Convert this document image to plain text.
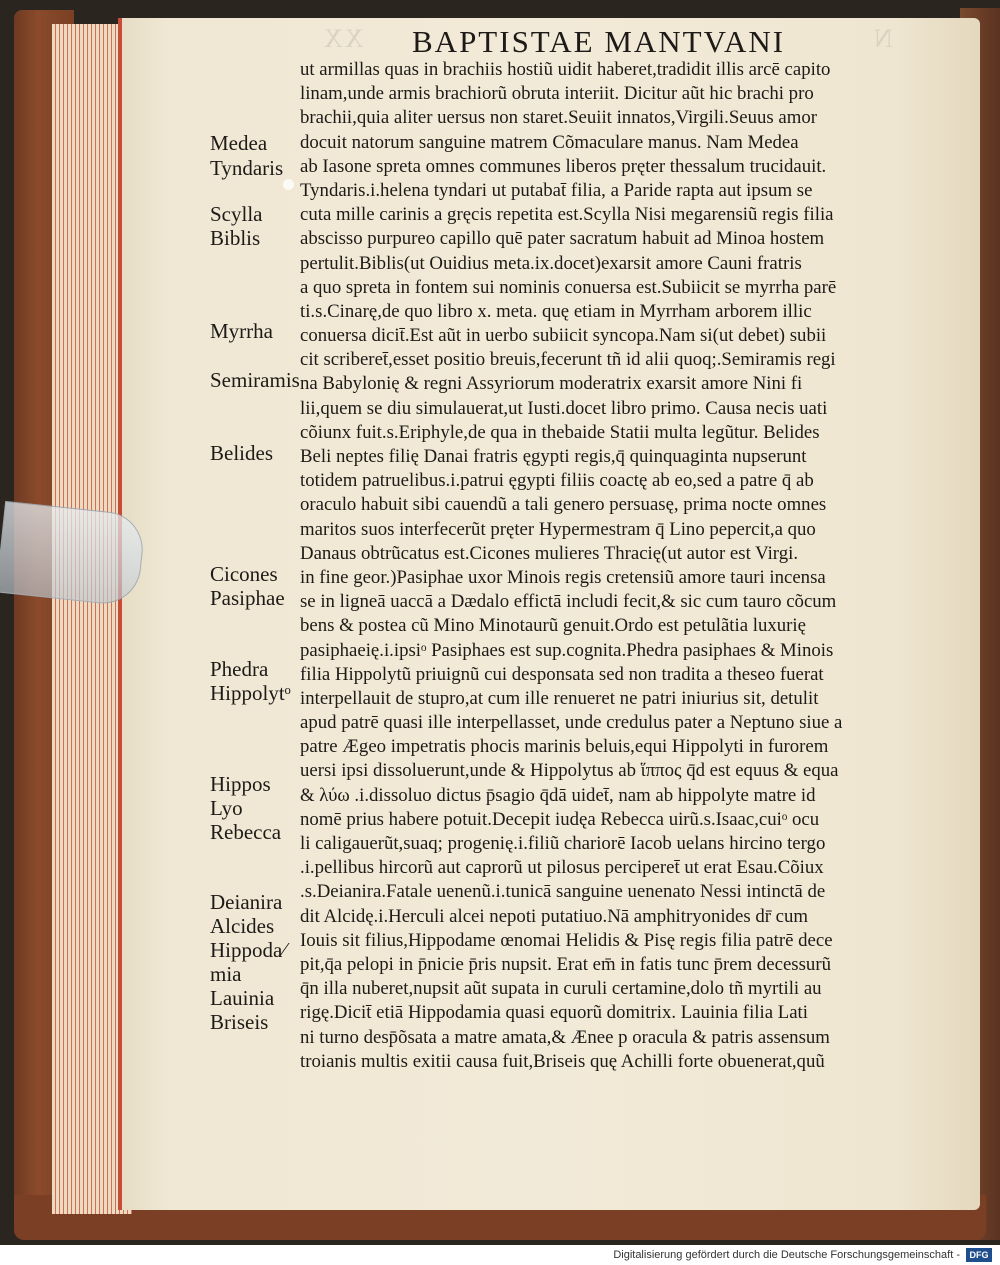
XX	N
BAPTISTAE MANTVANI

Medea

Tyndaris

Scylla

Biblis

Myrrha

Semiramis

Belides

Cicones

Pasiphae

Phedra

Hippolytᵒ

Hippos

Lyo

Rebecca

Deianira

Alcides

Hippoda⁄

mia

Lauinia

Briseis

ut armillas quas in brachiis hostiũ uidit haberet,tradidit illis arcē capito
linam,unde armis brachiorũ obruta interiit. Dicitur aũt hic brachi pro
brachii,quia aliter uersus non staret.Seuiit innatos,Virgili.Seuus amor
docuit natorum sanguine matrem Cõmaculare manus. Nam Medea
ab Iasone spreta omnes communes liberos pręter thessalum trucidauit.
Tyndaris.i.helena tyndari ut putabat̄ filia, a Paride rapta aut ipsum se
cuta mille carinis a gręcis repetita est.Scylla Nisi megarensiũ regis filia
abscisso purpureo capillo quē pater sacratum habuit ad Minoa hostem
pertulit.Biblis(ut Ouidius meta.ix.docet)exarsit amore Cauni fratris
a quo spreta in fontem sui nominis conuersa est.Subiicit se myrrha parē
ti.s.Cinarę,de quo libro x. meta. quę etiam in Myrrham arborem illic
conuersa dicit̄.Est aũt in uerbo subiicit syncopa.Nam si(ut debet) subii
cit scriberet̄,esset positio breuis,fecerunt tñ id alii quoq;.Semiramis regi
na Babylonię & regni Assyriorum moderatrix exarsit amore Nini fi
lii,quem se diu simulauerat,ut Iusti.docet libro primo. Causa necis uati
cõiunx fuit.s.Eriphyle,de qua in thebaide Statii multa legũtur. Belides
Beli neptes filię Danai fratris ęgypti regis,q̄ quinquaginta nupserunt
totidem patruelibus.i.patrui ęgypti filiis coactę ab eo,sed a patre q̄ ab
oraculo habuit sibi cauendũ a tali genero persuasę, prima nocte omnes
maritos suos interfecerũt pręter Hypermestram q̄ Lino pepercit,a quo
Danaus obtrũcatus est.Cicones mulieres Thracię(ut autor est Virgi.
in fine geor.)Pasiphae uxor Minois regis cretensiũ amore tauri incensa
se in ligneā uaccā a Dædalo effictā includi fecit,& sic cum tauro cõcum
bens & postea cũ Mino Minotaurũ genuit.Ordo est petulãtia luxurię
pasiphaeię.i.ipsiᵒ Pasiphaes est sup.cognita.Phedra pasiphaes & Minois
filia Hippolytũ priuignũ cui desponsata sed non tradita a theseo fuerat
interpellauit de stupro,at cum ille renueret ne patri iniurius sit, detulit
apud patrē quasi ille interpellasset, unde credulus pater a Neptuno siue a
patre Ægeo impetratis phocis marinis beluis,equi Hippolyti in furorem
uersi ipsi dissoluerunt,unde & Hippolytus ab ἵππος q̄d est equus & equa
& λύω .i.dissoluo dictus p̄sagio q̄dā uidet̄, nam ab hippolyte matre id
nomē prius habere potuit.Decepit iudęa Rebecca uirũ.s.Isaac,cuiᵒ ocu
li caligauerũt,suaq; progenię.i.filiũ chariorē Iacob uelans hircino tergo
.i.pellibus hircorũ aut caprorũ ut pilosus perciperet̄ ut erat Esau.Cõiux
.s.Deianira.Fatale uenenũ.i.tunicā sanguine uenenato Nessi intinctā de
dit Alcidę.i.Herculi alcei nepoti putatiuo.Nā amphitryonides dr̄ cum
Iouis sit filius,Hippodame œnomai Helidis & Pisę regis filia patrē dece
pit,q̄a pelopi in p̄nicie p̄ris nupsit. Erat em̄ in fatis tunc p̄rem decessurũ
q̄n illa nuberet,nupsit aũt supata in curuli certamine,dolo tñ myrtili au
rigę.Dicit̄ etiā Hippodamia quasi equorũ domitrix. Lauinia filia Lati
ni turno desp̄õsata a matre amata,& Ænee p oracula & patris assensum
troianis multis exitii causa fuit,Briseis quę Achilli forte obuenerat,quũ
Digitalisierung gefördert durch die Deutsche Forschungsgemeinschaft -	DFG
